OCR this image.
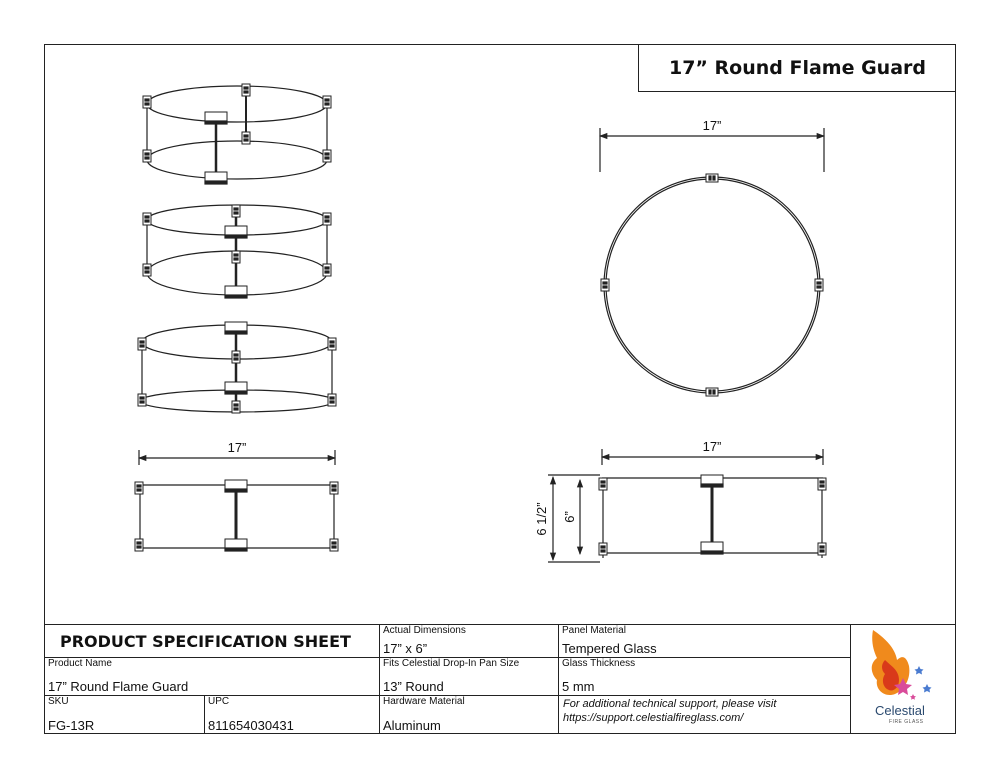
17” Round Flame Guard
17”
17”	17”
6 1/2” 6”
PRODUCT SPECIFICATION SHEET
Actual Dimensions
17” x 6”
Panel Material
Tempered Glass
Product Name
17” Round Flame Guard
Fits Celestial Drop-In Pan Size
13” Round
Glass Thickness
5 mm
SKU
FG-13R
UPC
811654030431
Hardware Material
Aluminum
For additional technical support, please visit
https://support.celestialfireglass.com/	Celestial
FIRE GLASS
